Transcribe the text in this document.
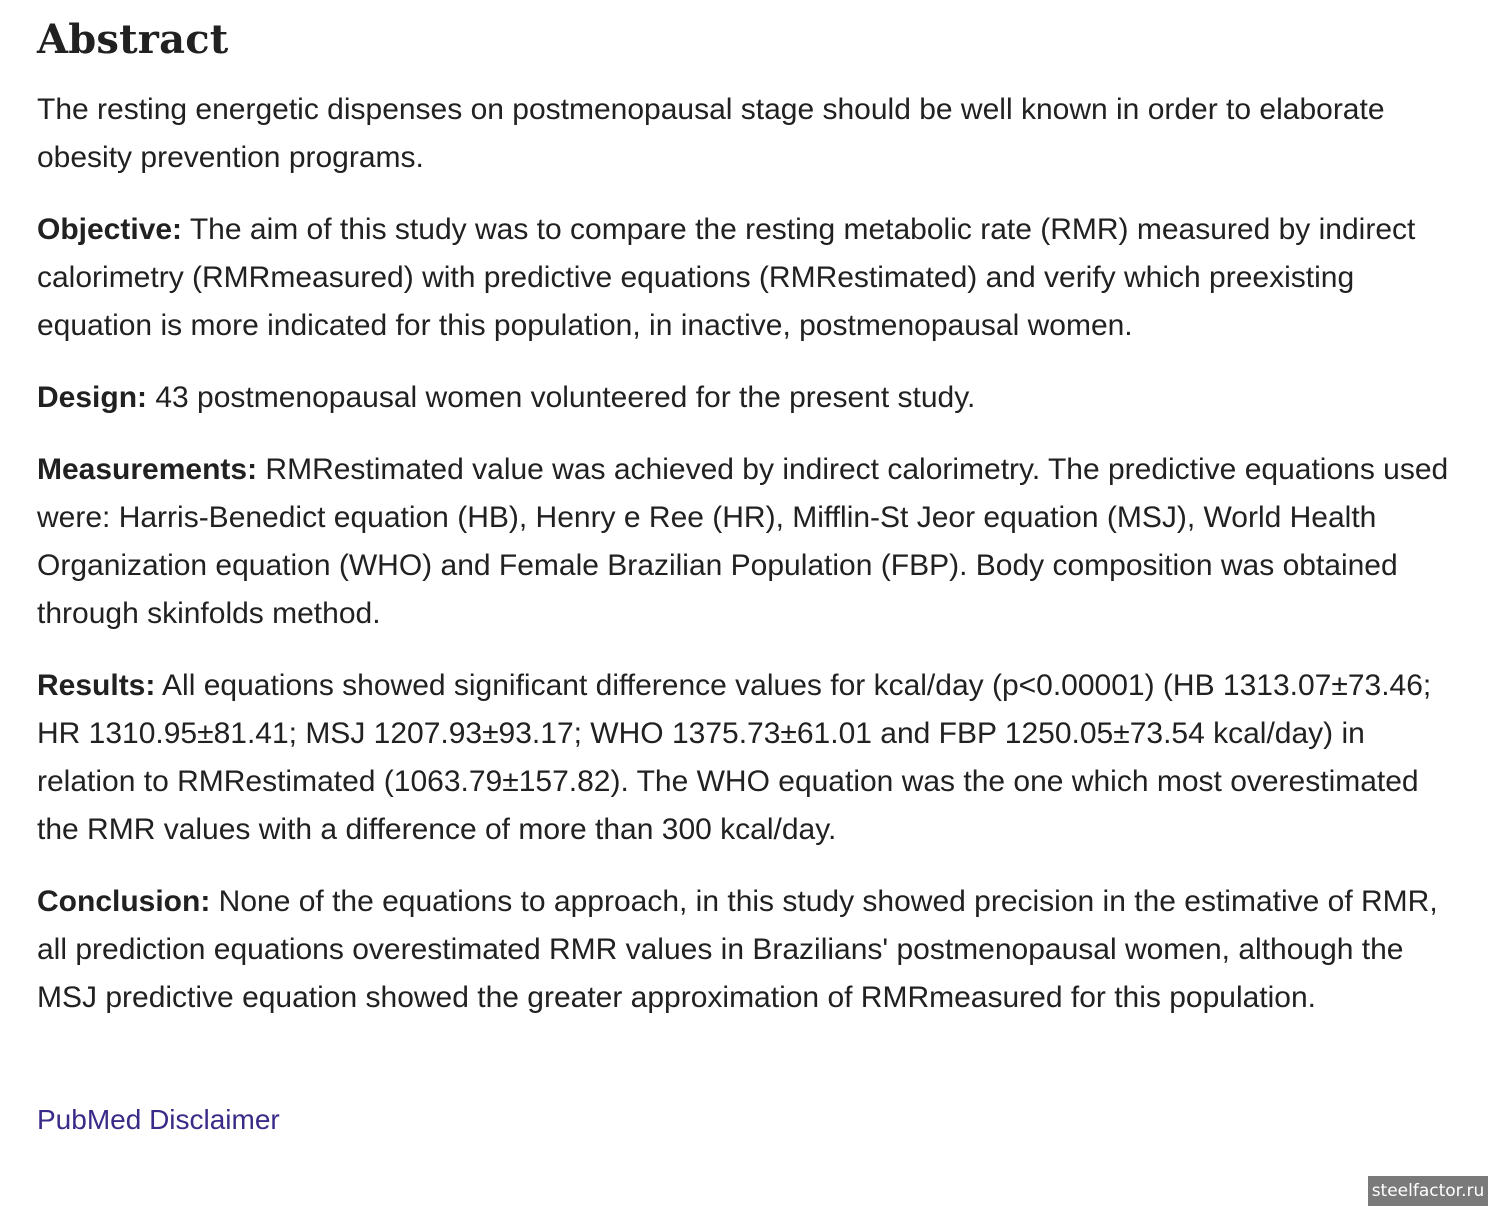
Abstract

The resting energetic dispenses on postmenopausal stage should be well known in order to elaborate obesity prevention programs.

Objective: The aim of this study was to compare the resting metabolic rate (RMR) measured by indirect calorimetry (RMRmeasured) with predictive equations (RMRestimated) and verify which preexisting equation is more indicated for this population, in inactive, postmenopausal women.

Design: 43 postmenopausal women volunteered for the present study.

Measurements: RMRestimated value was achieved by indirect calorimetry. The predictive equations used were: Harris-Benedict equation (HB), Henry e Ree (HR), Mifflin-St Jeor equation (MSJ), World Health Organization equation (WHO) and Female Brazilian Population (FBP). Body composition was obtained through skinfolds method.

Results: All equations showed significant difference values for kcal/day (p<0.00001) (HB 1313.07±73.46; HR 1310.95±81.41; MSJ 1207.93±93.17; WHO 1375.73±61.01 and FBP 1250.05±73.54 kcal/day) in relation to RMRestimated (1063.79±157.82). The WHO equation was the one which most overestimated the RMR values with a difference of more than 300 kcal/day.

Conclusion: None of the equations to approach, in this study showed precision in the estimative of RMR, all prediction equations overestimated RMR values in Brazilians' postmenopausal women, although the MSJ predictive equation showed the greater approximation of RMRmeasured for this population.

PubMed Disclaimer
steelfactor.ru
